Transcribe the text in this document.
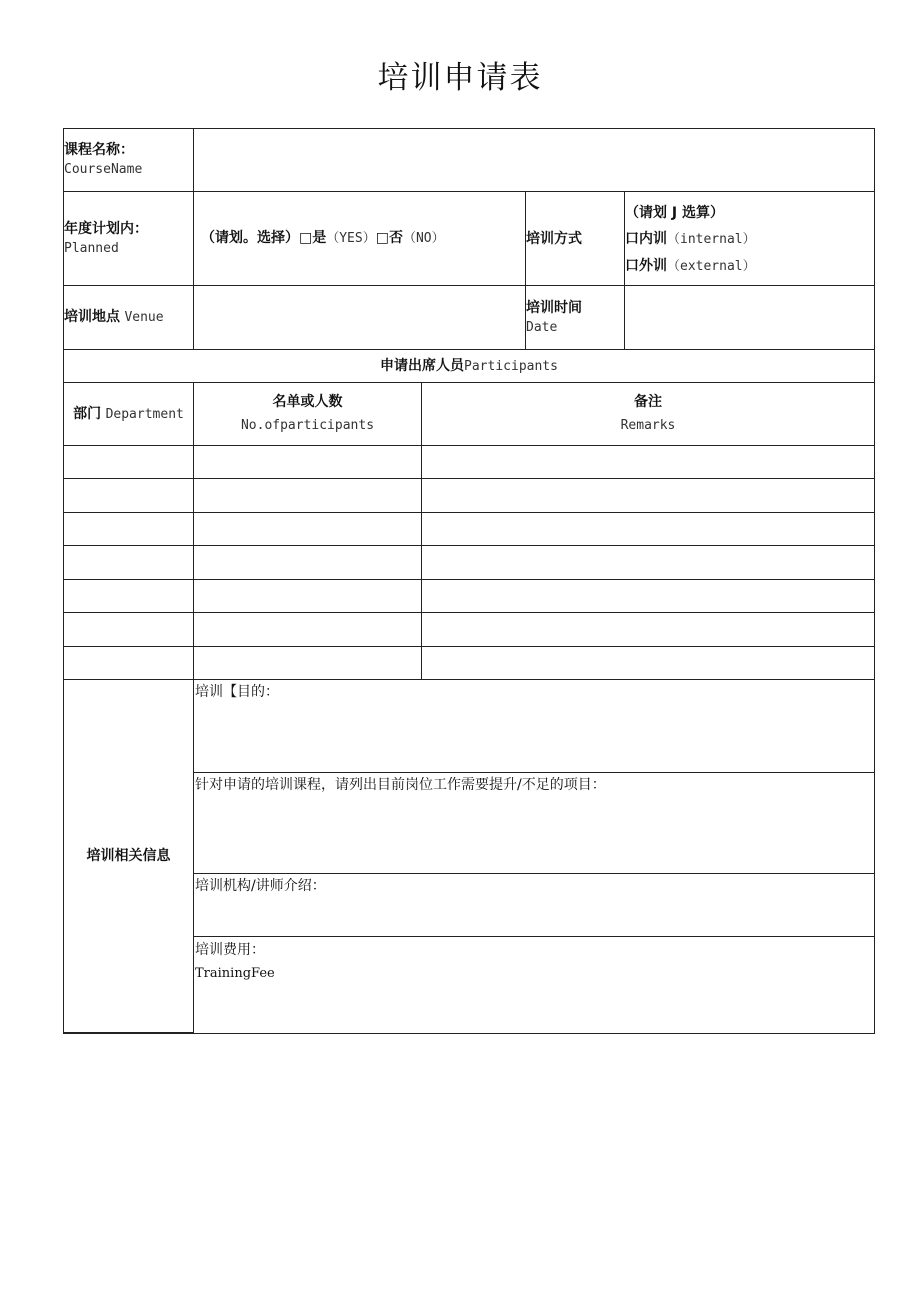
培训申请表
课程名称：
CourseName
年度计划内：
Planned
（请划。选择）□是（YES）□否（NO）	培训方式
（请划 J 选算）
口内训（internal）
口外训（external）
培训地点 Venue
培训时间
Date
申请出席人员Participants
部门 Department
名单或人数
No.ofparticipants
备注
Remarks
培训相关信息
培训【目的：
针对申请的培训课程，请列出目前岗位工作需要提升/不足的项目：
培训机构/讲师介绍：
培训费用：
TrainingFee
